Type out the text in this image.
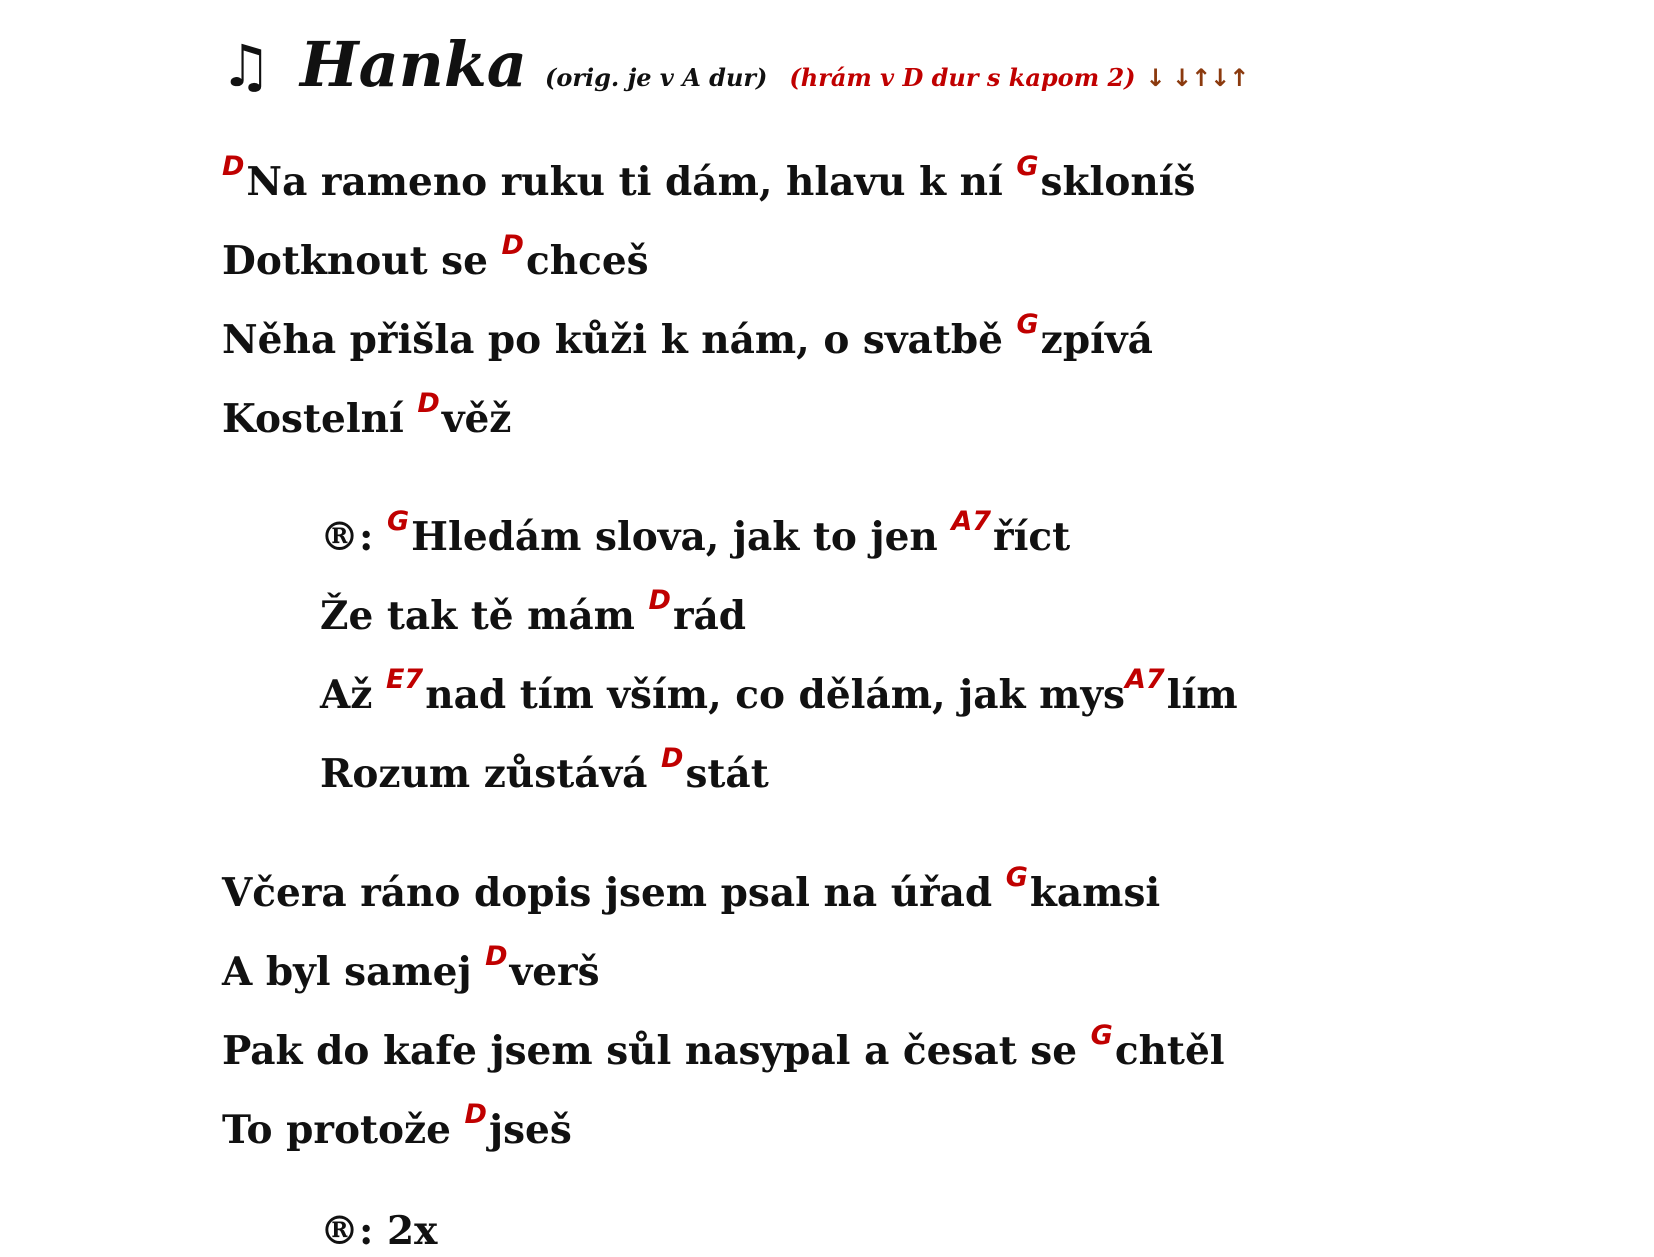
♫ Hanka (orig. je v A dur) (hrám v D dur s kapom 2) ↓ ↓↑↓↑
$^D$Na rameno ruku ti dám, hlavu k ní $^G$skloníš
Dotknout se $^D$chceš
Něha přišla po kůži k nám, o svatbě $^G$zpívá
Kostelní $^D$věž
®: $^G$Hledám slova, jak to jen $^{A7}$říct
Že tak tě mám $^D$rád
Až $^{E7}$nad tím vším, co dělám, jak mys$^{A7}$lím
Rozum zůstává $^D$stát
Včera ráno dopis jsem psal na úřad $^G$kamsi
A byl samej $^D$verš
Pak do kafe jsem sůl nasypal a česat se $^G$chtěl
To protože $^D$jseš
®: 2x
